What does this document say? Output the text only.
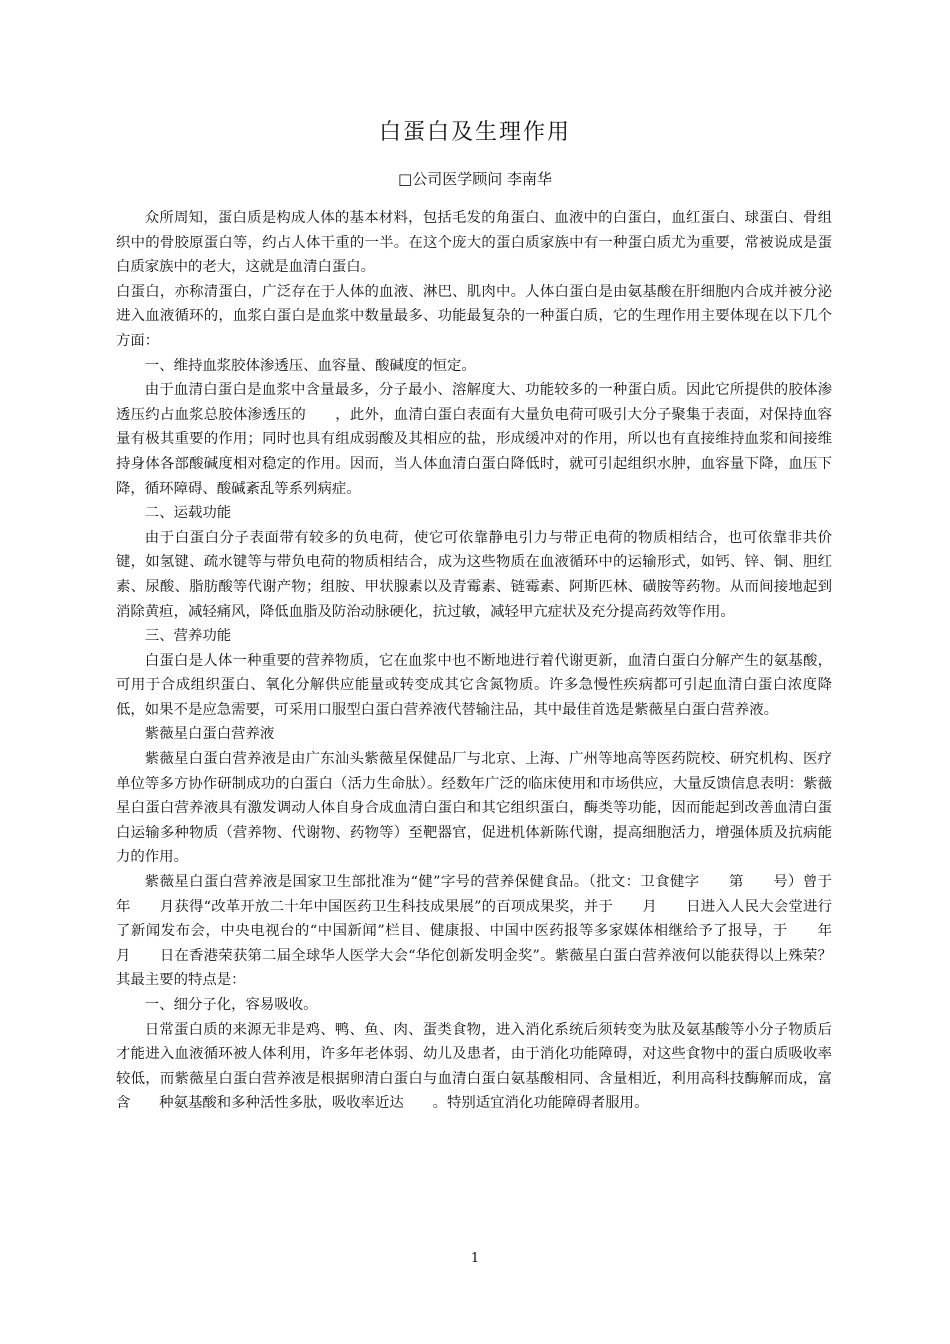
白蛋白及生理作用
□公司医学顾问 李南华

众所周知，蛋白质是构成人体的基本材料，包括毛发的角蛋白、血液中的白蛋白，血红蛋白、球蛋白、骨组织中的骨胶原蛋白等，约占人体干重的一半。在这个庞大的蛋白质家族中有一种蛋白质尤为重要，常被说成是蛋白质家族中的老大，这就是血清白蛋白。

白蛋白，亦称清蛋白，广泛存在于人体的血液、淋巴、肌肉中。人体白蛋白是由氨基酸在肝细胞内合成并被分泌进入血液循环的，血浆白蛋白是血浆中数量最多、功能最复杂的一种蛋白质，它的生理作用主要体现在以下几个方面：

一、维持血浆胶体渗透压、血容量、酸碱度的恒定。

由于血清白蛋白是血浆中含量最多，分子最小、溶解度大、功能较多的一种蛋白质。因此它所提供的胶体渗透压约占血浆总胶体渗透压的　　，此外，血清白蛋白表面有大量负电荷可吸引大分子聚集于表面，对保持血容量有极其重要的作用；同时也具有组成弱酸及其相应的盐，形成缓冲对的作用，所以也有直接维持血浆和间接维持身体各部酸碱度相对稳定的作用。因而，当人体血清白蛋白降低时，就可引起组织水肿，血容量下降，血压下降，循环障碍、酸碱紊乱等系列病症。

二、运载功能

由于白蛋白分子表面带有较多的负电荷，使它可依靠静电引力与带正电荷的物质相结合，也可依靠非共价键，如氢键、疏水键等与带负电荷的物质相结合，成为这些物质在血液循环中的运输形式，如钙、锌、铜、胆红素、尿酸、脂肪酸等代谢产物；组胺、甲状腺素以及青霉素、链霉素、阿斯匹林、磺胺等药物。从而间接地起到消除黄疸，减轻痛风，降低血脂及防治动脉硬化，抗过敏，减轻甲亢症状及充分提高药效等作用。

三、营养功能

白蛋白是人体一种重要的营养物质，它在血浆中也不断地进行着代谢更新，血清白蛋白分解产生的氨基酸，可用于合成组织蛋白、氧化分解供应能量或转变成其它含氮物质。许多急慢性疾病都可引起血清白蛋白浓度降低，如果不是应急需要，可采用口服型白蛋白营养液代替输注品，其中最佳首选是紫薇星白蛋白营养液。

紫薇星白蛋白营养液

紫薇星白蛋白营养液是由广东汕头紫薇星保健品厂与北京、上海、广州等地高等医药院校、研究机构、医疗单位等多方协作研制成功的白蛋白（活力生命肽）。经数年广泛的临床使用和市场供应，大量反馈信息表明：紫薇星白蛋白营养液具有激发调动人体自身合成血清白蛋白和其它组织蛋白，酶类等功能，因而能起到改善血清白蛋白运输多种物质（营养物、代谢物、药物等）至靶器官，促进机体新陈代谢，提高细胞活力，增强体质及抗病能力的作用。

紫薇星白蛋白营养液是国家卫生部批准为“健”字号的营养保健食品。（批文：卫食健字　　第　　号）曾于　　　年　　月获得“改革开放二十年中国医药卫生科技成果展”的百项成果奖，并于　　月　　日进入人民大会堂进行了新闻发布会，中央电视台的“中国新闻”栏目、健康报、中国中医药报等多家媒体相继给予了报导，于　　年　　月　　日在香港荣获第二届全球华人医学大会“华佗创新发明金奖”。紫薇星白蛋白营养液何以能获得以上殊荣？其最主要的特点是：

一、细分子化，容易吸收。

日常蛋白质的来源无非是鸡、鸭、鱼、肉、蛋类食物，进入消化系统后须转变为肽及氨基酸等小分子物质后才能进入血液循环被人体利用，许多年老体弱、幼儿及患者，由于消化功能障碍，对这些食物中的蛋白质吸收率较低，而紫薇星白蛋白营养液是根据卵清白蛋白与血清白蛋白氨基酸相同、含量相近，利用高科技酶解而成，富含　　种氨基酸和多种活性多肽，吸收率近达　　。特别适宜消化功能障碍者服用。

1
